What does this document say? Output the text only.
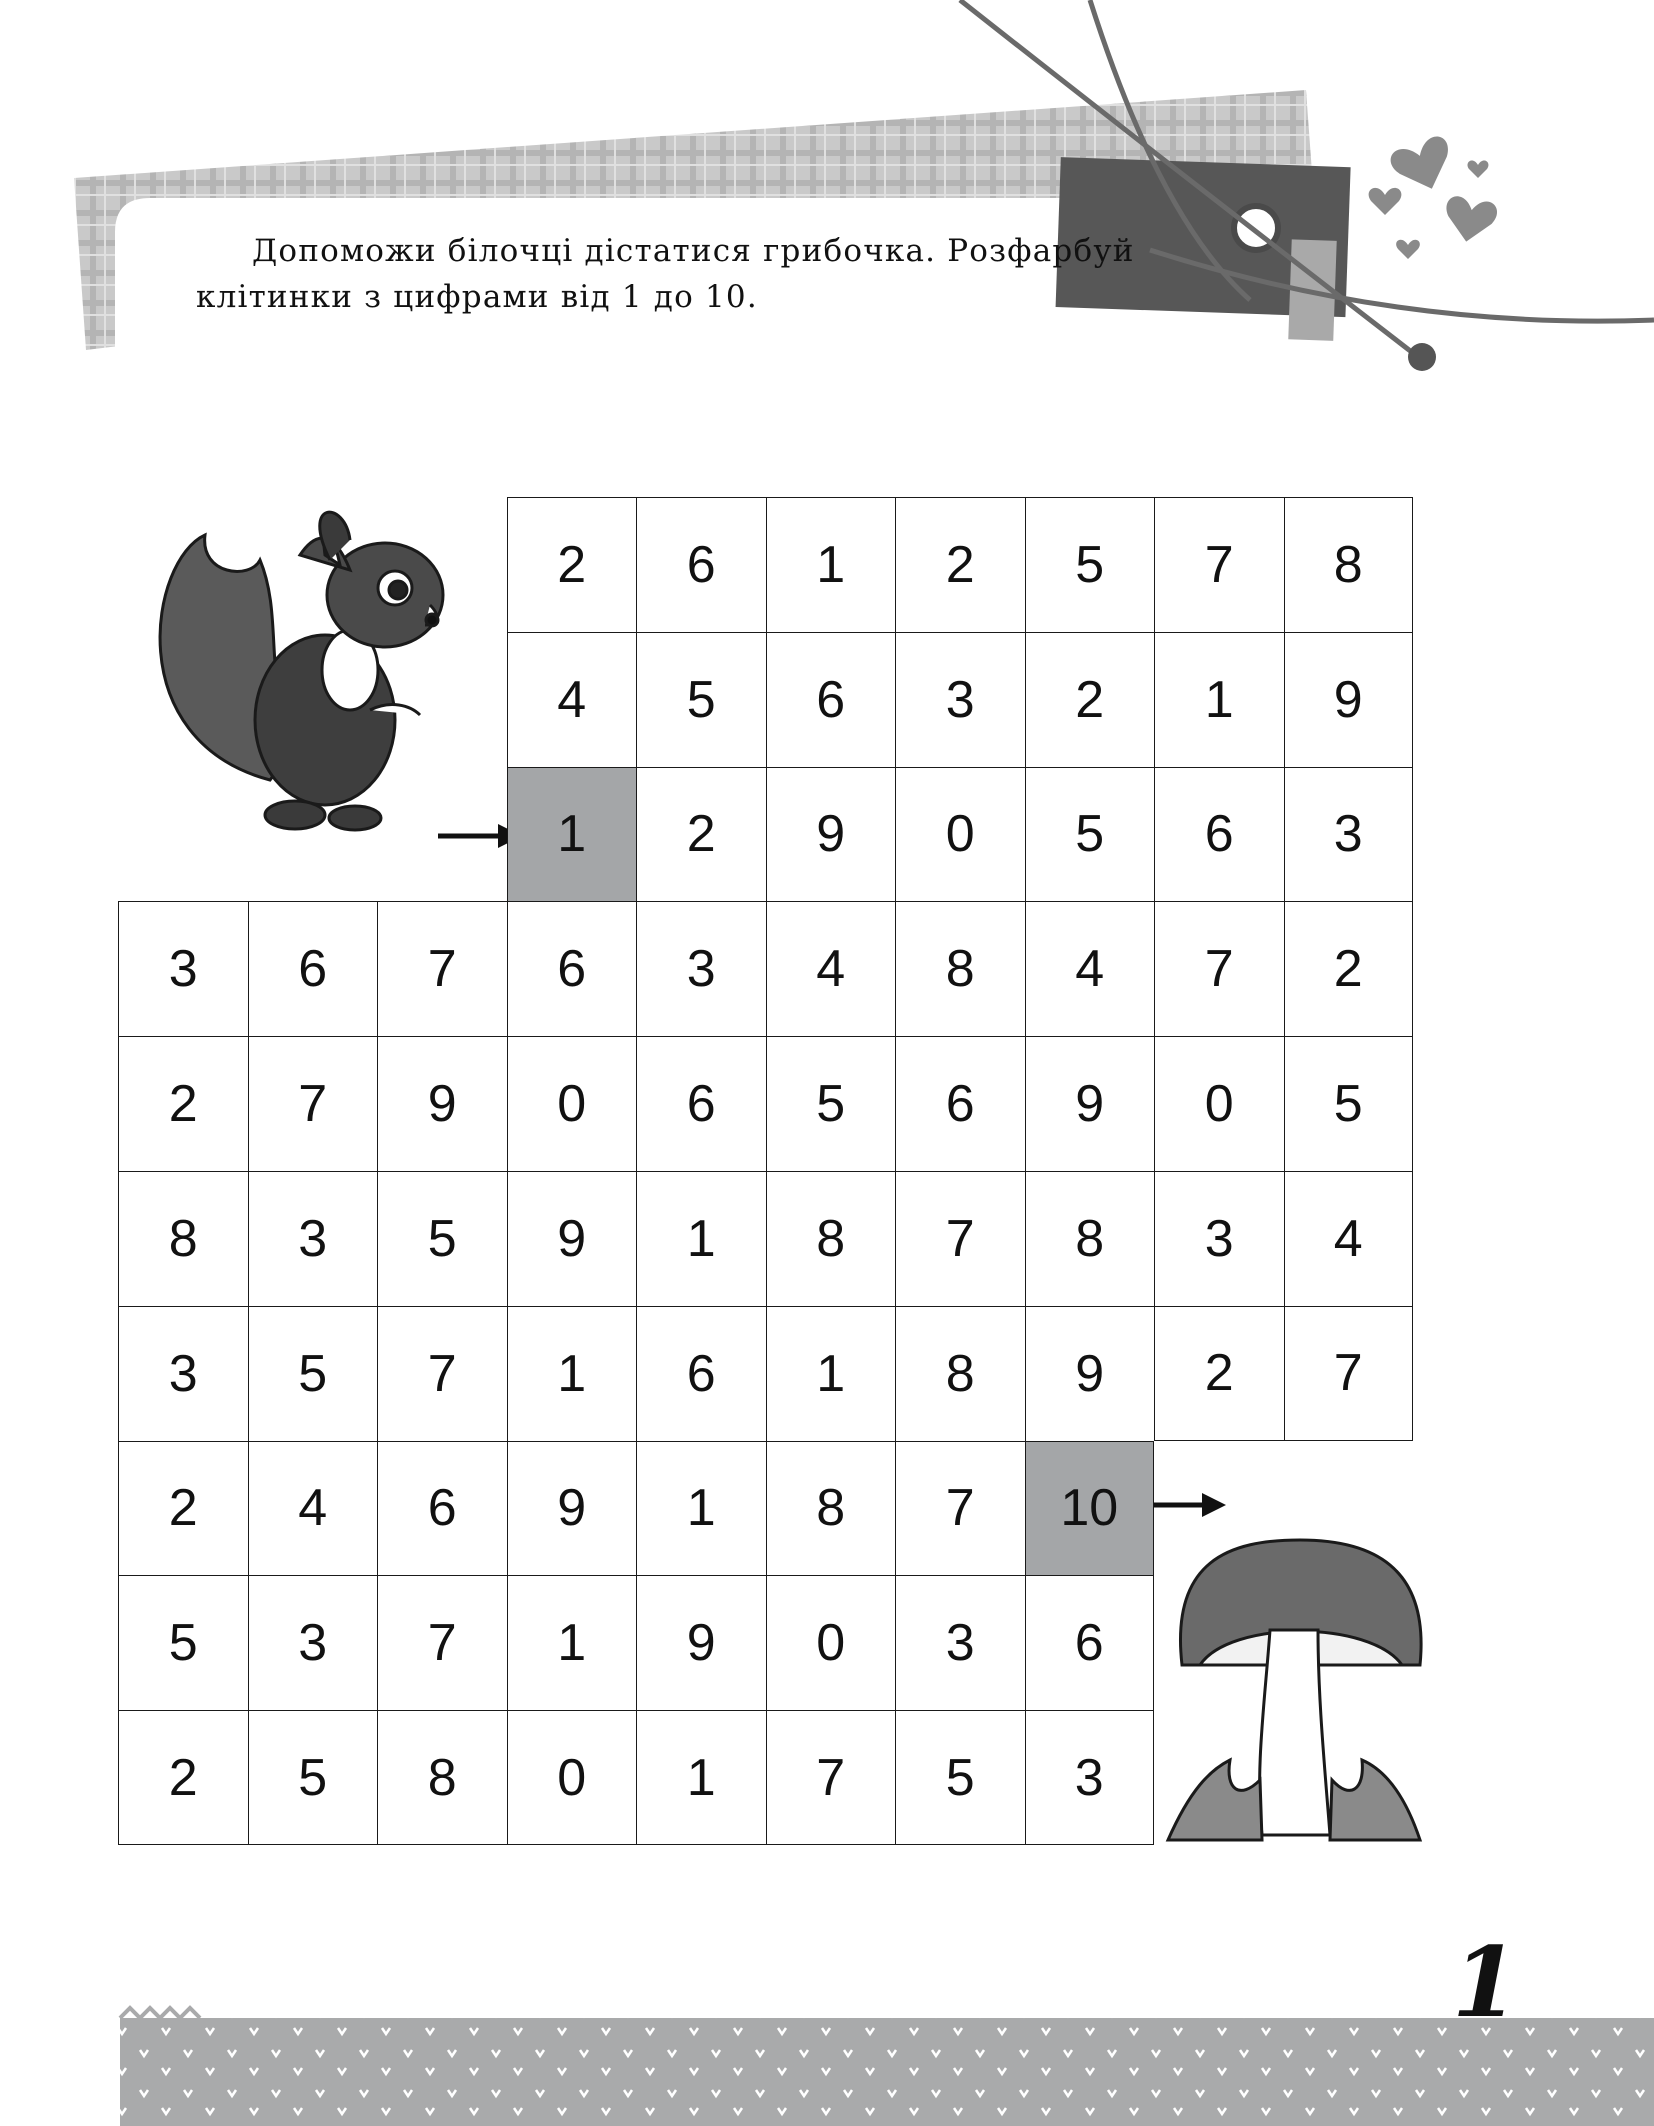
Допоможи білочці дістатися грибочка. Розфарбуй клітинки з цифрами від 1 до 10.

2	6	1	2	5	7	8
4	5	6	3	2	1	9
1	2	9	0	5	6	3
3	6	7	6	3	4	8	4	7	2
2	7	9	0	6	5	6	9	0	5
8	3	5	9	1	8	7	8	3	4
3	5	7	1	6	1	8	9	2	7
2	4	6	9	1	8	7	10
5	3	7	1	9	0	3	6
2	5	8	0	1	7	5	3
1
